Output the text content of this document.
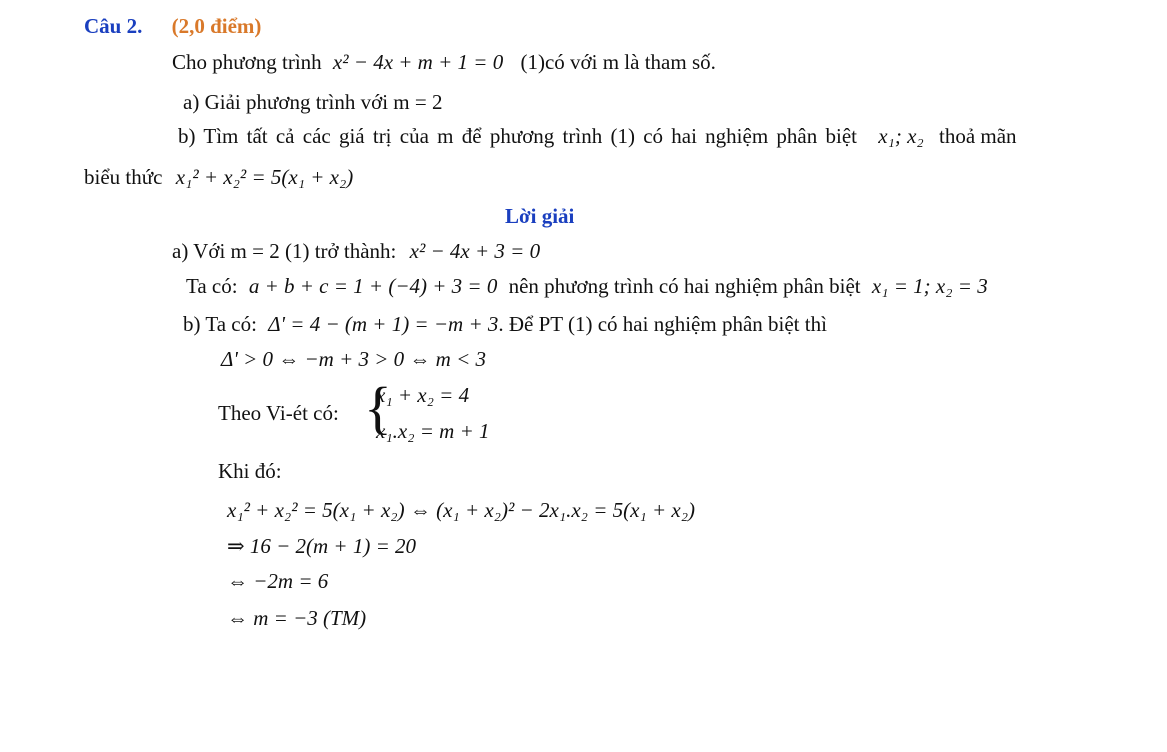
Câu 2. (2,0 điểm)
Cho phương trình x² − 4x + m + 1 = 0 (1)có với m là tham số.
a) Giải phương trình với m = 2
b) Tìm tất cả các giá trị của m để phương trình (1) có hai nghiệm phân biệt x₁; x₂ thoả mãn
biểu thức x₁² + x₂² = 5(x₁ + x₂)
Lời giải
a) Với m = 2 (1) trở thành: x² − 4x + 3 = 0
Ta có: a + b + c = 1 + (−4) + 3 = 0 nên phương trình có hai nghiệm phân biệt x₁ = 1; x₂ = 3
b) Ta có: Δ' = 4 − (m + 1) = −m + 3. Để PT (1) có hai nghiệm phân biệt thì
Δ' > 0 ⇔ −m + 3 > 0 ⇔ m < 3
Theo Vi-ét có: {
x₁ + x₂ = 4
x₁.x₂ = m + 1
Khi đó:
x₁² + x₂² = 5(x₁ + x₂) ⇔ (x₁ + x₂)² − 2x₁.x₂ = 5(x₁ + x₂)
⇒ 16 − 2(m + 1) = 20
⇔ −2m = 6
⇔ m = −3 (TM)
